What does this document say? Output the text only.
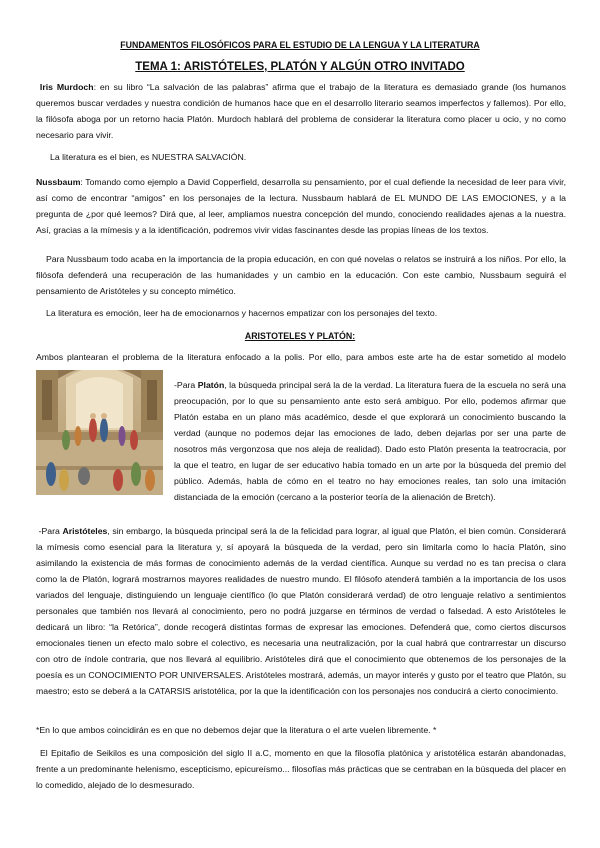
FUNDAMENTOS FILOSÓFICOS PARA EL ESTUDIO DE LA LENGUA Y LA LITERATURA
TEMA 1: ARISTÓTELES, PLATÓN Y ALGÚN OTRO INVITADO

Iris Murdoch: en su libro “La salvación de las palabras” afirma que el trabajo de la literatura es demasiado grande (los humanos queremos buscar verdades y nuestra condición de humanos hace que en el desarrollo literario seamos imperfectos y fallemos). Por ello, la filósofa aboga por un retorno hacia Platón. Murdoch hablará del problema de considerar la literatura como placer u ocio, y no como necesario para vivir.

La literatura es el bien, es NUESTRA SALVACIÓN.

Nussbaum: Tomando como ejemplo a David Copperfield, desarrolla su pensamiento, por el cual defiende la necesidad de leer para vivir, así como de encontrar “amigos” en los personajes de la lectura. Nussbaum hablará de EL MUNDO DE LAS EMOCIONES, y a la pregunta de ¿por qué leemos? Dirá que, al leer, ampliamos nuestra concepción del mundo, conociendo realidades ajenas a la nuestra. Así, gracias a la mímesis y a la identificación, podremos vivir vidas fascinantes desde las propias líneas de los textos.

Para Nussbaum todo acaba en la importancia de la propia educación, en con qué novelas o relatos se instruirá a los niños. Por ello, la filósofa defenderá una recuperación de las humanidades y un cambio en la educación. Con este cambio, Nussbaum seguirá el pensamiento de Aristóteles y su concepto mimético.

La literatura es emoción, leer ha de emocionarnos y hacernos empatizar con los personajes del texto.

ARISTOTELES Y PLATÓN:

Ambos plantearan el problema de la literatura enfocado a la polis. Por ello, para ambos este arte ha de estar sometido al modelo

-Para Platón, la búsqueda principal será la de la verdad. La literatura fuera de la escuela no será una preocupación, por lo que su pensamiento ante esto será ambiguo. Por ello, podemos afirmar que Platón estaba en un plano más académico, desde el que explorará un conocimiento buscando la verdad (aunque no podemos dejar las emociones de lado, deben dejarlas por ser una parte de nosotros más vergonzosa que nos aleja de realidad). Dado esto Platón presenta la teatrocracia, por la que el teatro, en lugar de ser educativo había tomado en un arte por la búsqueda del premio del público. Además, habla de cómo en el teatro no hay emociones reales, tan solo una imitación distanciada de la emoción (cercano a la posterior teoría de la alienación de Bretch).

-Para Aristóteles, sin embargo, la búsqueda principal será la de la felicidad para lograr, al igual que Platón, el bien común. Considerará la mímesis como esencial para la literatura y, sí apoyará la búsqueda de la verdad, pero sin limitarla como lo hacía Platón, sino asimilando la existencia de más formas de conocimiento además de la verdad científica. Aunque su verdad no es tan precisa o clara como la de Platón, logrará mostrarnos mayores realidades de nuestro mundo. El filósofo atenderá también a la importancia de los usos variados del lenguaje, distinguiendo un lenguaje científico (lo que Platón considerará verdad) de otro lenguaje relativo a sentimientos personales que también nos llevará al conocimiento, pero no podrá juzgarse en términos de verdad o falsedad. A esto Aristóteles le dedicará un libro: “la Retórica”, donde recogerá distintas formas de expresar las emociones. Defenderá que, como ciertos discursos emocionales tienen un efecto malo sobre el colectivo, es necesaria una neutralización, por la cual habrá que contrarrestar un discurso con otro de índole contraria, que nos llevará al equilibrio. Aristóteles dirá que el conocimiento que obtenemos de los personajes de la poesía es un CONOCIMIENTO POR UNIVERSALES. Aristóteles mostrará, además, un mayor interés y gusto por el teatro que Platón, su maestro; esto se deberá a la CATARSIS aristotélica, por la que la identificación con los personajes nos conducirá a cierto conocimiento.

*En lo que ambos coincidirán es en que no debemos dejar que la literatura o el arte vuelen libremente. *

El Epitafio de Seikilos es una composición del siglo II a.C, momento en que la filosofía platónica y aristotélica estarán abandonadas, frente a un predominante helenismo, escepticismo, epicureísmo... filosofías más prácticas que se centraban en la búsqueda del placer en lo comedido, alejado de lo desmesurado.
